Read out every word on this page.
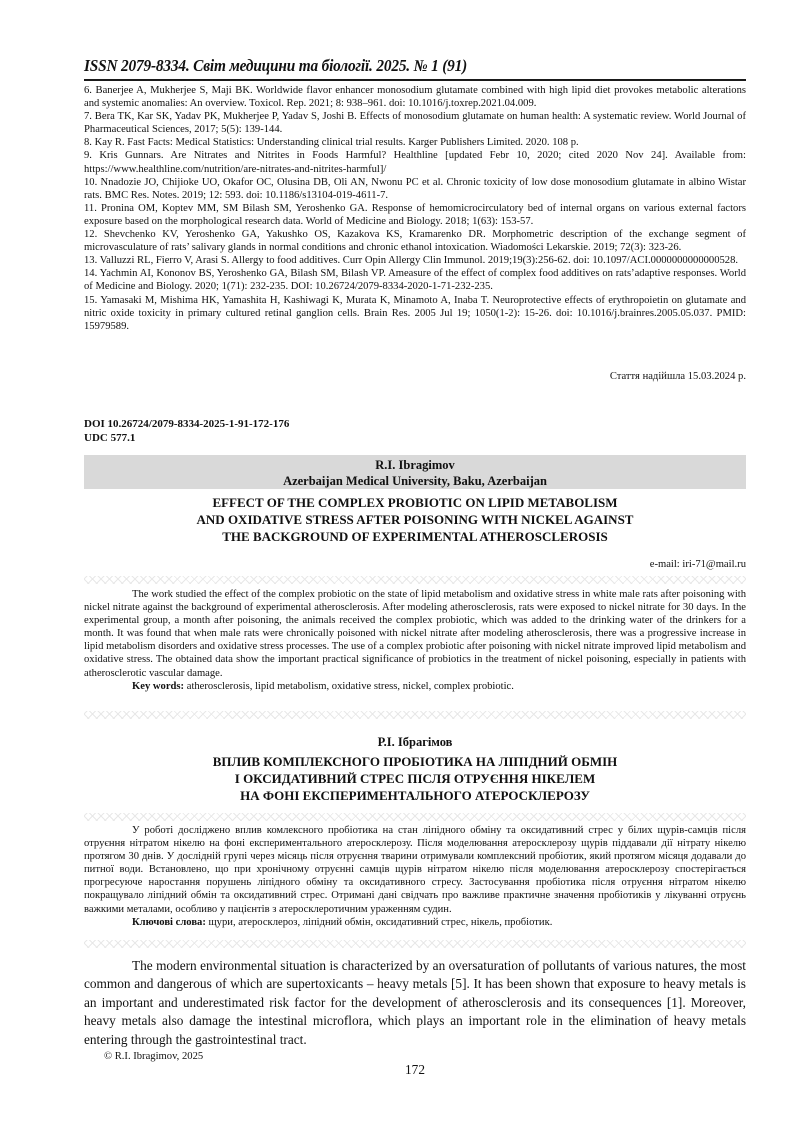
ISSN 2079-8334. Світ медицини та біології. 2025. № 1 (91)

6. Banerjee A, Mukherjee S, Maji BK. Worldwide flavor enhancer monosodium glutamate combined with high lipid diet provokes metabolic alterations and systemic anomalies: An overview. Toxicol. Rep. 2021; 8: 938–961. doi: 10.1016/j.toxrep.2021.04.009.

7. Bera TK, Kar SK, Yadav PK, Mukherjee P, Yadav S, Joshi B. Effects of monosodium glutamate on human health: A systematic review. World Journal of Pharmaceutical Sciences, 2017; 5(5): 139-144.

8. Kay R. Fast Facts: Medical Statistics: Understanding clinical trial results. Karger Publishers Limited. 2020. 108 p.

9. Kris Gunnars. Are Nitrates and Nitrites in Foods Harmful? Healthline [updated Febr 10, 2020; cited 2020 Nov 24]. Available from: https://www.healthline.com/nutrition/are-nitrates-and-nitrites-harmful]/

10. Nnadozie JO, Chijioke UO, Okafor OC, Olusina DB, Oli AN, Nwonu PC et al. Chronic toxicity of low dose monosodium glutamate in albino Wistar rats. BMC Res. Notes. 2019; 12: 593. doi: 10.1186/s13104-019-4611-7.

11. Pronina OM, Koptev MM, SM Bilash SM, Yeroshenko GA. Response of hemomicrocirculatory bed of internal organs on various external factors exposure based on the morphological research data. World of Medicine and Biology. 2018; 1(63): 153-57.

12. Shevchenko KV, Yeroshenko GA, Yakushko OS, Kazakova KS, Kramarenko DR. Morphometric description of the exchange segment of microvasculature of rats’ salivary glands in normal conditions and chronic ethanol intoxication. Wiadomości Lekarskie. 2019; 72(3): 323-26.

13. Valluzzi RL, Fierro V, Arasi S. Allergy to food additives. Curr Opin Allergy Clin Immunol. 2019;19(3):256-62. doi: 10.1097/ACI.0000000000000528.

14. Yachmin AI, Kononov BS, Yeroshenko GA, Bilash SM, Bilash VP. Ameasure of the effect of complex food additives on rats’adaptive responses. World of Medicine and Biology. 2020; 1(71): 232-235. DOI: 10.26724/2079-8334-2020-1-71-232-235.

15. Yamasaki M, Mishima HK, Yamashita H, Kashiwagi K, Murata K, Minamoto A, Inaba T. Neuroprotective effects of erythropoietin on glutamate and nitric oxide toxicity in primary cultured retinal ganglion cells. Brain Res. 2005 Jul 19; 1050(1-2): 15-26. doi: 10.1016/j.brainres.2005.05.037. PMID: 15979589.

Стаття надійшла 15.03.2024 р.
DOI 10.26724/2079-8334-2025-1-91-172-176
UDC 577.1
R.I. Ibragimov
Azerbaijan Medical University, Baku, Azerbaijan
EFFECT OF THE COMPLEX PROBIOTIC ON LIPID METABOLISM
AND OXIDATIVE STRESS AFTER POISONING WITH NICKEL AGAINST
THE BACKGROUND OF EXPERIMENTAL ATHEROSCLEROSIS
e-mail: iri-71@mail.ru

The work studied the effect of the complex probiotic on the state of lipid metabolism and oxidative stress in white male rats after poisoning with nickel nitrate against the background of experimental atherosclerosis. After modeling atherosclerosis, rats were exposed to nickel nitrate for 30 days. In the experimental group, a month after poisoning, the animals received the complex probiotic, which was added to the drinking water of the drinkers for a month. It was found that when male rats were chronically poisoned with nickel nitrate after modeling atherosclerosis, there was a progressive increase in lipid metabolism disorders and oxidative stress processes. The use of a complex probiotic after poisoning with nickel nitrate improved lipid metabolism and oxidative stress. The obtained data show the important practical significance of probiotics in the treatment of nickel poisoning, especially in patients with atherosclerotic vascular damage.

Key words: atherosclerosis, lipid metabolism, oxidative stress, nickel, complex probiotic.

Р.І. Ібрагімов
ВПЛИВ КОМПЛЕКСНОГО ПРОБІОТИКА НА ЛІПІДНИЙ ОБМІН
І ОКСИДАТИВНИЙ СТРЕС ПІСЛЯ ОТРУЄННЯ НІКЕЛЕМ
НА ФОНІ ЕКСПЕРИМЕНТАЛЬНОГО АТЕРОСКЛЕРОЗУ

У роботі досліджено вплив комлексного пробіотика на стан ліпідного обміну та оксидативний стрес у білих щурів-самців після отруєння нітратом нікелю на фоні експериментального атеросклерозу. Після моделювання атеросклерозу щурів піддавали дії нітрату нікелю протягом 30 днів. У дослідній групі через місяць після отруєння тварини отримували комплексний пробіотик, який протягом місяця додавали до питної води. Встановлено, що при хронічному отруєнні самців щурів нітратом нікелю після моделювання атеросклерозу спостерігається прогресуюче наростання порушень ліпідного обміну та оксидативного стресу. Застосування пробіотика після отруєння нітратом нікелю покращувало ліпідний обмін та оксидативний стрес. Отримані дані свідчать про важливе практичне значення пробіотиків у лікуванні отруєнь важкими металами, особливо у пацієнтів з атеросклеротичним ураженням судин.

Ключові слова: щури, атеросклероз, ліпідний обмін, оксидативний стрес, нікель, пробіотик.

The modern environmental situation is characterized by an oversaturation of pollutants of various natures, the most common and dangerous of which are supertoxicants – heavy metals [5]. It has been shown that exposure to heavy metals is an important and underestimated risk factor for the development of atherosclerosis and its consequences [1]. Moreover, heavy metals also damage the intestinal microflora, which plays an important role in the elimination of heavy metals entering through the gastrointestinal tract.

© R.I. Ibragimov, 2025
172
